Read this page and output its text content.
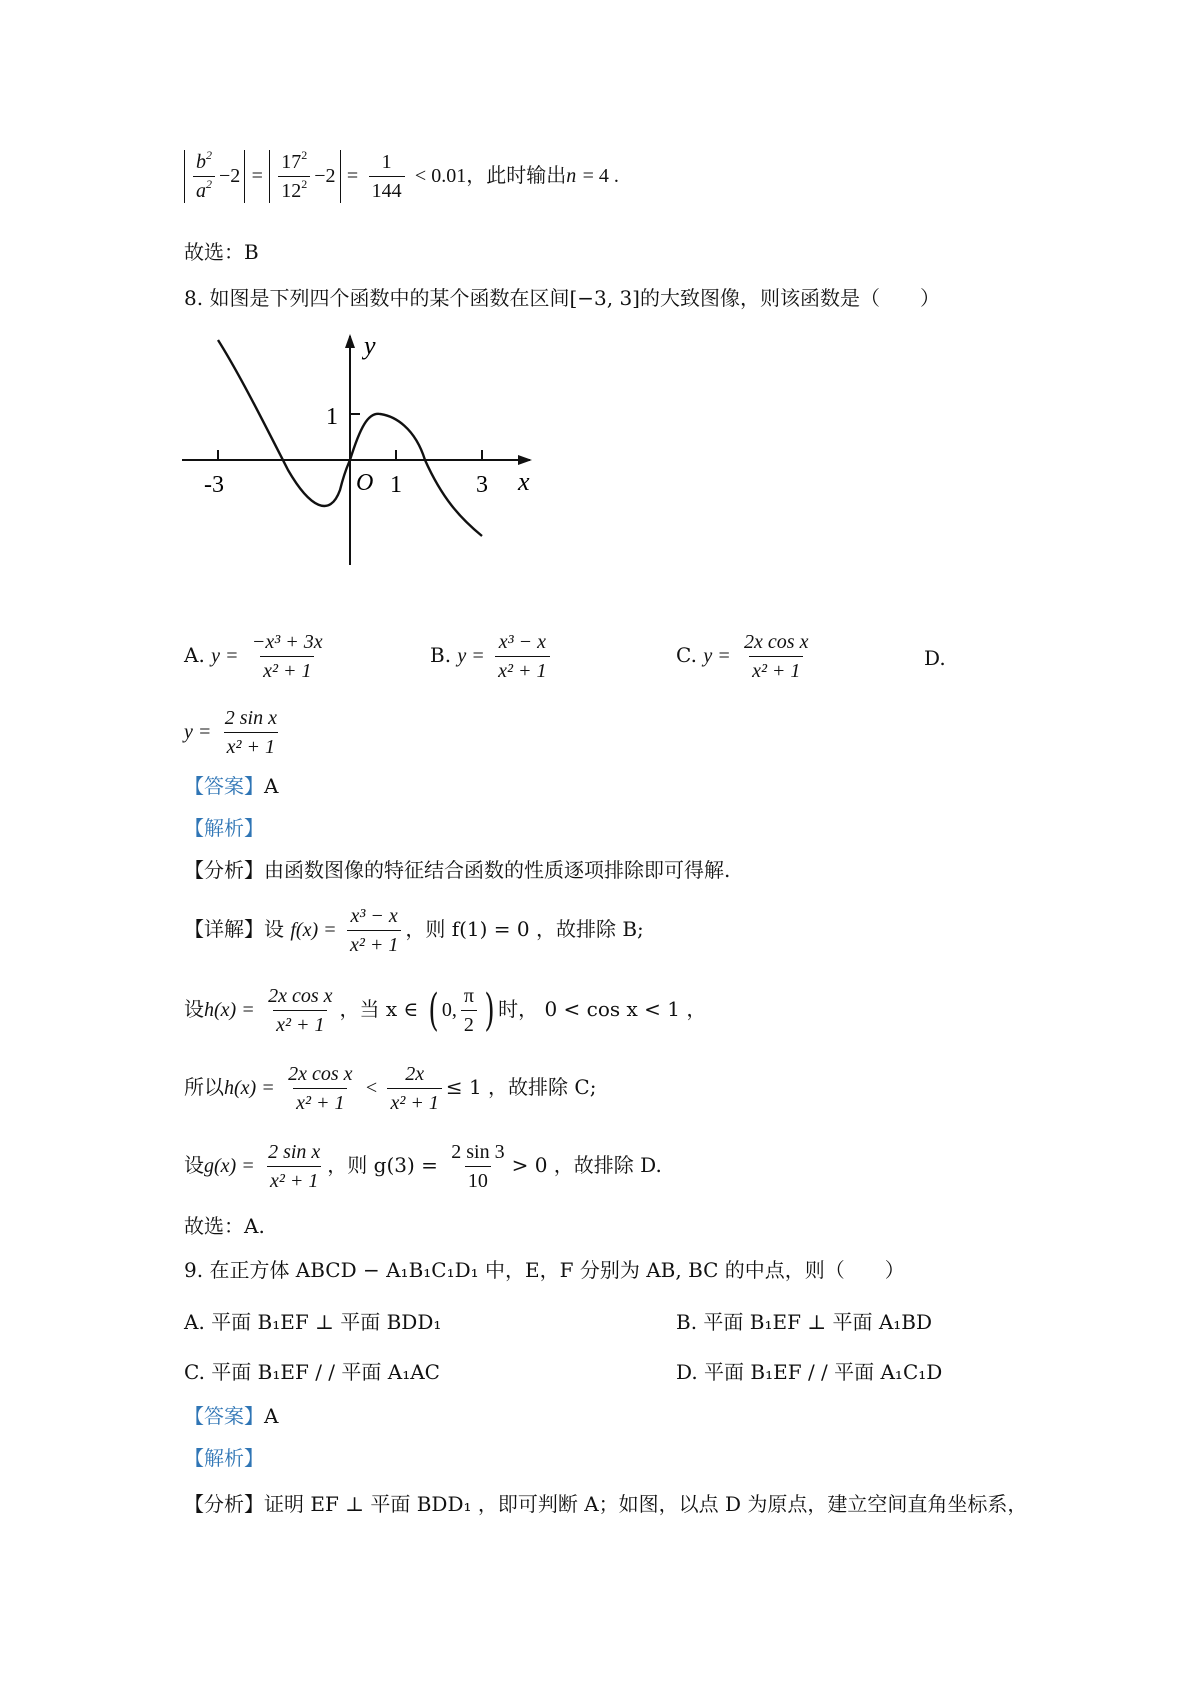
$\frac{b^2}{a^2} -2 = \frac{17^2}{12^2} -2 = \frac{1}{144} < 0.01$，此时输出n = 4 .
故选：B
8. 如图是下列四个函数中的某个函数在区间[−3, 3]的大致图像，则该函数是（　　）
y
x
1
O 1	3
-3
A. $y = \frac{\text{−x³ + 3x}}{\text{x² + 1}}$	B. $y = \frac{\text{x³ − x}}{\text{x² + 1}}$	C. $y = \frac{\text{2x cos x}}{\text{x² + 1}}$	D.
$y = \frac{\text{2 sin x}}{\text{x² + 1}}$
【答案】A
【解析】
【分析】由函数图像的特征结合函数的性质逐项排除即可得解.
【详解】设 $f(x) = \frac{\text{x³ − x}}{\text{x² + 1}}$ ，则 f(1) = 0 ，故排除 B;
设$h(x) = \frac{\text{2x cos x}}{\text{x² + 1}}$ ，当 x ∈ ( 0, $\frac{\pi}{2}$ ) 时， 0 < cos x < 1 ，
所以$h(x) = \frac{\text{2x cos x}}{\text{x² + 1}} < \frac{2x}{\text{x² + 1}} \le 1$ ，故排除 C;
设$g(x) = \frac{\text{2 sin x}}{\text{x² + 1}}$ ，则 $g(3) = \frac{2 \sin 3}{10} > 0$ ，故排除 D.
故选：A.
9. 在正方体 ABCD − A₁B₁C₁D₁ 中，E，F 分别为 AB, BC 的中点，则（　　）
A. 平面 B₁EF ⊥ 平面 BDD₁	B. 平面 B₁EF ⊥ 平面 A₁BD
C. 平面 B₁EF / / 平面 A₁AC	D. 平面 B₁EF / / 平面 A₁C₁D
【答案】A
【解析】
【分析】证明 EF ⊥ 平面 BDD₁ ，即可判断 A；如图，以点 D 为原点，建立空间直角坐标系，
